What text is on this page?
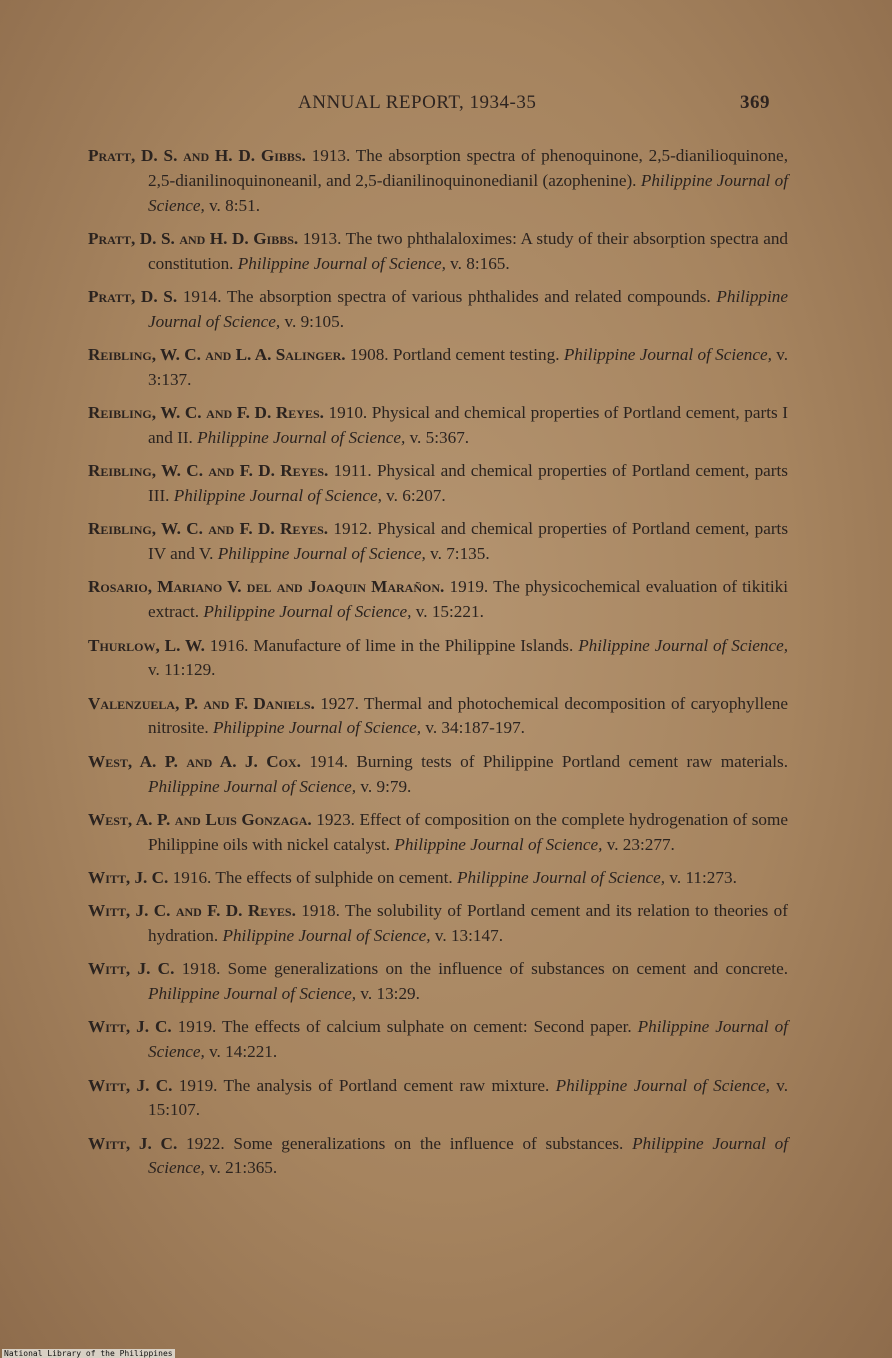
ANNUAL REPORT, 1934-35	369
Pratt, D. S. and H. D. Gibbs. 1913. The absorption spectra of phenoquinone, 2,5-dianilioquinone, 2,5-dianilinoquinoneanil, and 2,5-dianilinoquinonedianil (azophenine). Philippine Journal of Science, v. 8:51.
Pratt, D. S. and H. D. Gibbs. 1913. The two phthalaloximes: A study of their absorption spectra and constitution. Philippine Journal of Science, v. 8:165.
Pratt, D. S. 1914. The absorption spectra of various phthalides and related compounds. Philippine Journal of Science, v. 9:105.
Reibling, W. C. and L. A. Salinger. 1908. Portland cement testing. Philippine Journal of Science, v. 3:137.
Reibling, W. C. and F. D. Reyes. 1910. Physical and chemical properties of Portland cement, parts I and II. Philippine Journal of Science, v. 5:367.
Reibling, W. C. and F. D. Reyes. 1911. Physical and chemical properties of Portland cement, parts III. Philippine Journal of Science, v. 6:207.
Reibling, W. C. and F. D. Reyes. 1912. Physical and chemical properties of Portland cement, parts IV and V. Philippine Journal of Science, v. 7:135.
Rosario, Mariano V. del and Joaquin Marañon. 1919. The physicochemical evaluation of tikitiki extract. Philippine Journal of Science, v. 15:221.
Thurlow, L. W. 1916. Manufacture of lime in the Philippine Islands. Philippine Journal of Science, v. 11:129.
Valenzuela, P. and F. Daniels. 1927. Thermal and photochemical decomposition of caryophyllene nitrosite. Philippine Journal of Science, v. 34:187-197.
West, A. P. and A. J. Cox. 1914. Burning tests of Philippine Portland cement raw materials. Philippine Journal of Science, v. 9:79.
West, A. P. and Luis Gonzaga. 1923. Effect of composition on the complete hydrogenation of some Philippine oils with nickel catalyst. Philippine Journal of Science, v. 23:277.
Witt, J. C. 1916. The effects of sulphide on cement. Philippine Journal of Science, v. 11:273.
Witt, J. C. and F. D. Reyes. 1918. The solubility of Portland cement and its relation to theories of hydration. Philippine Journal of Science, v. 13:147.
Witt, J. C. 1918. Some generalizations on the influence of substances on cement and concrete. Philippine Journal of Science, v. 13:29.
Witt, J. C. 1919. The effects of calcium sulphate on cement: Second paper. Philippine Journal of Science, v. 14:221.
Witt, J. C. 1919. The analysis of Portland cement raw mixture. Philippine Journal of Science, v. 15:107.
Witt, J. C. 1922. Some generalizations on the influence of substances. Philippine Journal of Science, v. 21:365.
National Library of the Philippines
